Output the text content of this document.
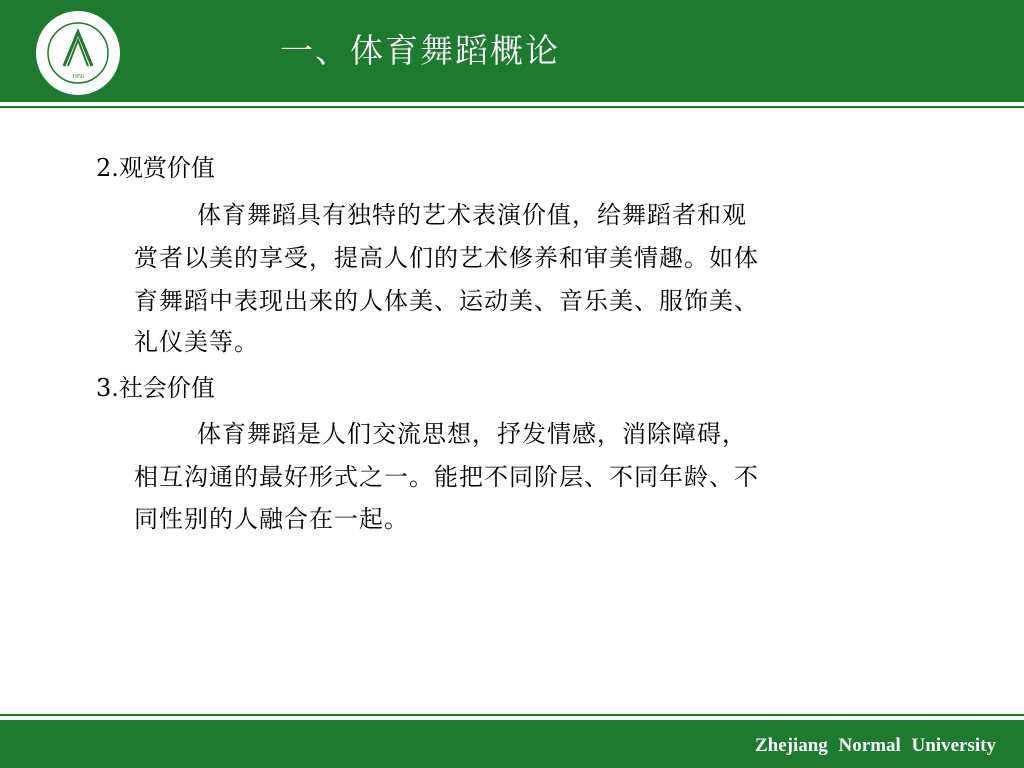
1956
一、体育舞蹈概论
2.观赏价值
体育舞蹈具有独特的艺术表演价值，给舞蹈者和观
赏者以美的享受，提高人们的艺术修养和审美情趣。如体
育舞蹈中表现出来的人体美、运动美、音乐美、服饰美、
礼仪美等。
3.社会价值
体育舞蹈是人们交流思想，抒发情感，消除障碍，
相互沟通的最好形式之一。能把不同阶层、不同年龄、不
同性别的人融合在一起。
Zhejiang Normal University
